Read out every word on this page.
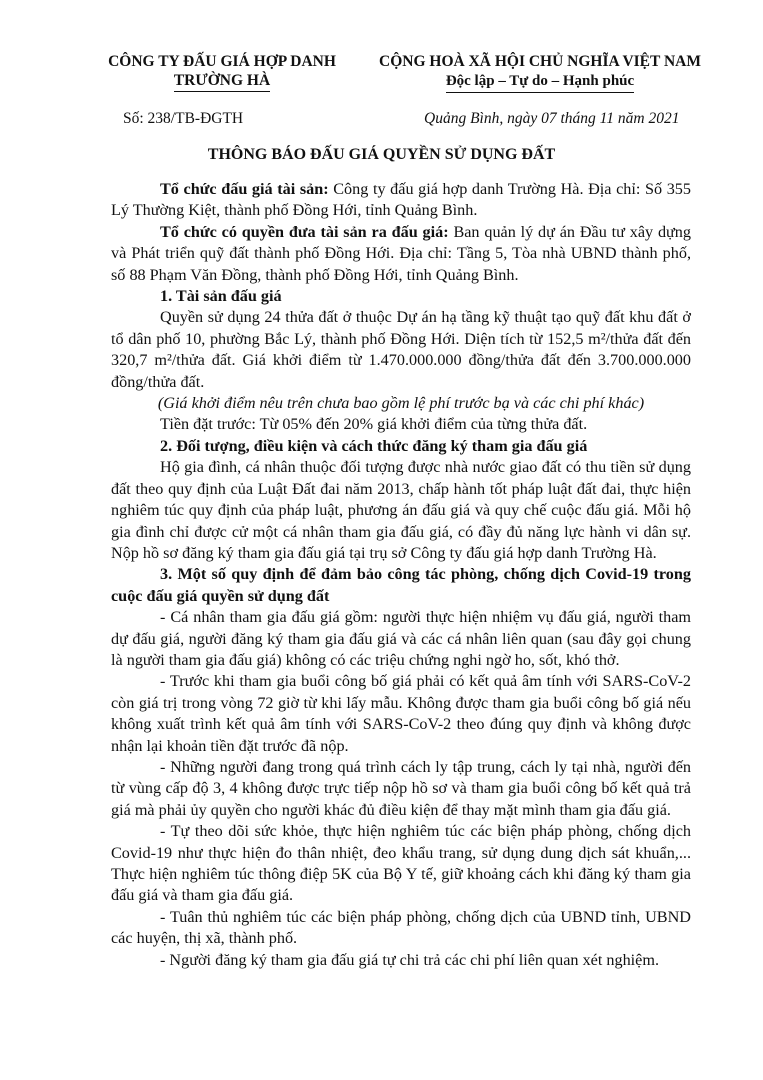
CÔNG TY ĐẤU GIÁ HỢP DANH
TRƯỜNG HÀ
CỘNG HOÀ XÃ HỘI CHỦ NGHĨA VIỆT NAM
Độc lập – Tự do – Hạnh phúc
Số: 238/TB-ĐGTH	Quảng Bình, ngày 07 tháng 11 năm 2021
THÔNG BÁO ĐẤU GIÁ QUYỀN SỬ DỤNG ĐẤT

Tổ chức đấu giá tài sản: Công ty đấu giá hợp danh Trường Hà. Địa chỉ: Số 355 Lý Thường Kiệt, thành phố Đồng Hới, tỉnh Quảng Bình.

Tổ chức có quyền đưa tài sản ra đấu giá: Ban quản lý dự án Đầu tư xây dựng và Phát triển quỹ đất thành phố Đồng Hới. Địa chỉ: Tầng 5, Tòa nhà UBND thành phố, số 88 Phạm Văn Đồng, thành phố Đồng Hới, tỉnh Quảng Bình.

1. Tài sản đấu giá

Quyền sử dụng 24 thửa đất ở thuộc Dự án hạ tầng kỹ thuật tạo quỹ đất khu đất ở tổ dân phố 10, phường Bắc Lý, thành phố Đồng Hới. Diện tích từ 152,5 m²/thửa đất đến 320,7 m²/thửa đất. Giá khởi điểm từ 1.470.000.000 đồng/thửa đất đến 3.700.000.000 đồng/thửa đất.

(Giá khởi điểm nêu trên chưa bao gồm lệ phí trước bạ và các chi phí khác)

Tiền đặt trước: Từ 05% đến 20% giá khởi điểm của từng thửa đất.

2. Đối tượng, điều kiện và cách thức đăng ký tham gia đấu giá

Hộ gia đình, cá nhân thuộc đối tượng được nhà nước giao đất có thu tiền sử dụng đất theo quy định của Luật Đất đai năm 2013, chấp hành tốt pháp luật đất đai, thực hiện nghiêm túc quy định của pháp luật, phương án đấu giá và quy chế cuộc đấu giá. Mỗi hộ gia đình chỉ được cử một cá nhân tham gia đấu giá, có đầy đủ năng lực hành vi dân sự. Nộp hồ sơ đăng ký tham gia đấu giá tại trụ sở Công ty đấu giá hợp danh Trường Hà.

3. Một số quy định để đảm bảo công tác phòng, chống dịch Covid-19 trong cuộc đấu giá quyền sử dụng đất

- Cá nhân tham gia đấu giá gồm: người thực hiện nhiệm vụ đấu giá, người tham dự đấu giá, người đăng ký tham gia đấu giá và các cá nhân liên quan (sau đây gọi chung là người tham gia đấu giá) không có các triệu chứng nghi ngờ ho, sốt, khó thở.

- Trước khi tham gia buổi công bố giá phải có kết quả âm tính với SARS-CoV-2 còn giá trị trong vòng 72 giờ từ khi lấy mẫu. Không được tham gia buổi công bố giá nếu không xuất trình kết quả âm tính với SARS-CoV-2 theo đúng quy định và không được nhận lại khoản tiền đặt trước đã nộp.

- Những người đang trong quá trình cách ly tập trung, cách ly tại nhà, người đến từ vùng cấp độ 3, 4 không được trực tiếp nộp hồ sơ và tham gia buổi công bố kết quả trả giá mà phải ủy quyền cho người khác đủ điều kiện để thay mặt mình tham gia đấu giá.

- Tự theo dõi sức khỏe, thực hiện nghiêm túc các biện pháp phòng, chống dịch Covid-19 như thực hiện đo thân nhiệt, đeo khẩu trang, sử dụng dung dịch sát khuẩn,... Thực hiện nghiêm túc thông điệp 5K của Bộ Y tế, giữ khoảng cách khi đăng ký tham gia đấu giá và tham gia đấu giá.

- Tuân thủ nghiêm túc các biện pháp phòng, chống dịch của UBND tỉnh, UBND các huyện, thị xã, thành phố.

- Người đăng ký tham gia đấu giá tự chi trả các chi phí liên quan xét nghiệm.
